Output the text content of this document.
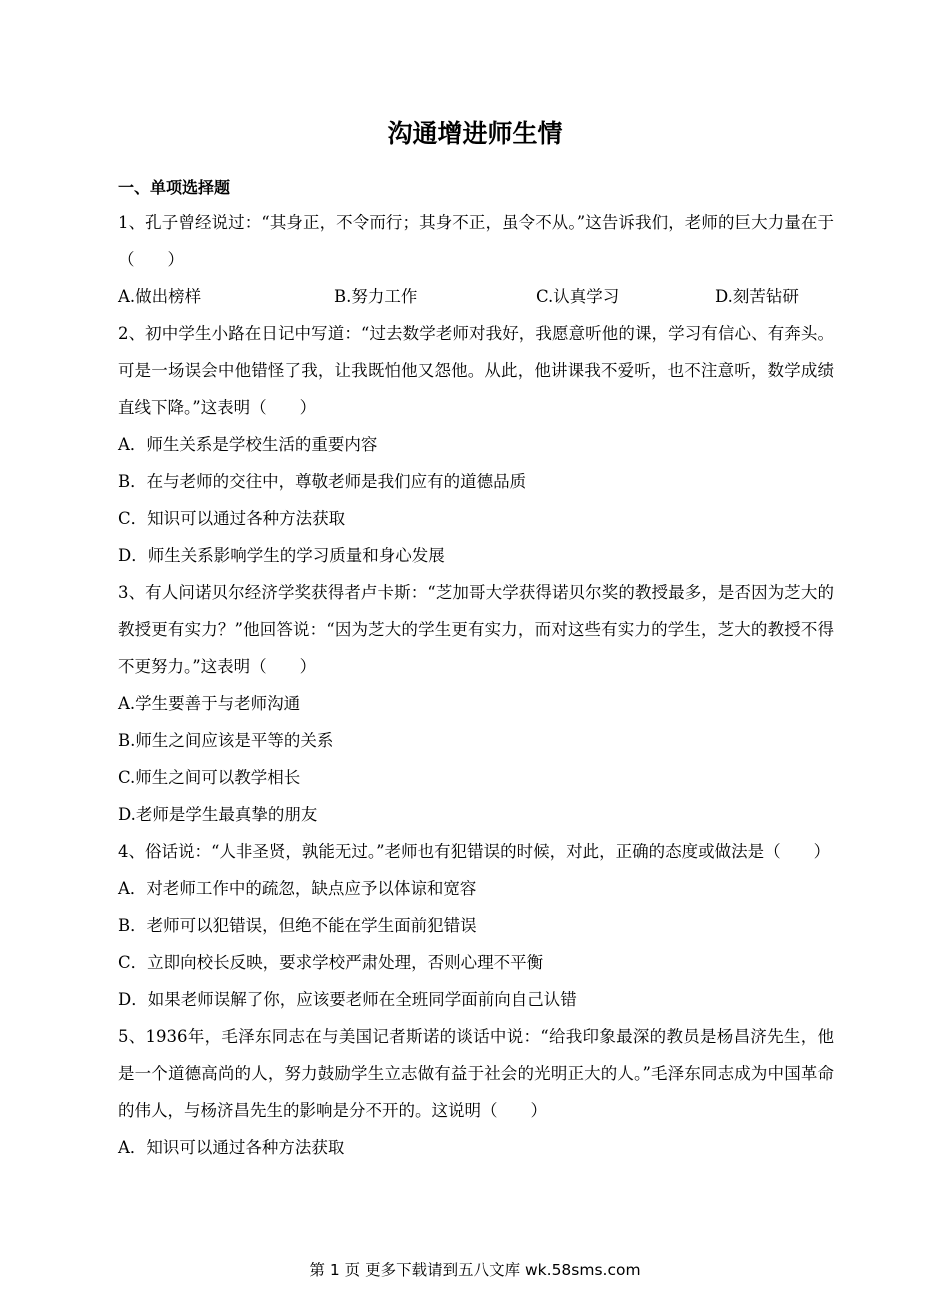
沟通增进师生情
一、单项选择题

1、孔子曾经说过：“其身正，不令而行；其身不正，虽令不从。”这告诉我们，老师的巨大力量在于（　　）

A.做出榜样	B.努力工作	C.认真学习	D.刻苦钻研

2、初中学生小路在日记中写道：“过去数学老师对我好，我愿意听他的课，学习有信心、有奔头。可是一场误会中他错怪了我，让我既怕他又怨他。从此，他讲课我不爱听，也不注意听，数学成绩直线下降。”这表明（　　）

A．师生关系是学校生活的重要内容

B．在与老师的交往中，尊敬老师是我们应有的道德品质

C．知识可以通过各种方法获取

D．师生关系影响学生的学习质量和身心发展

3、有人问诺贝尔经济学奖获得者卢卡斯：“芝加哥大学获得诺贝尔奖的教授最多，是否因为芝大的教授更有实力？”他回答说：“因为芝大的学生更有实力，而对这些有实力的学生，芝大的教授不得不更努力。”这表明（　　）

A.学生要善于与老师沟通

B.师生之间应该是平等的关系

C.师生之间可以教学相长

D.老师是学生最真挚的朋友

4、俗话说：“人非圣贤，孰能无过。”老师也有犯错误的时候，对此，正确的态度或做法是（　　）

A．对老师工作中的疏忽，缺点应予以体谅和宽容

B．老师可以犯错误，但绝不能在学生面前犯错误

C．立即向校长反映，要求学校严肃处理，否则心理不平衡

D．如果老师误解了你，应该要老师在全班同学面前向自己认错

5、1936年，毛泽东同志在与美国记者斯诺的谈话中说：“给我印象最深的教员是杨昌济先生，他是一个道德高尚的人，努力鼓励学生立志做有益于社会的光明正大的人。”毛泽东同志成为中国革命的伟人，与杨济昌先生的影响是分不开的。这说明（　　）

A．知识可以通过各种方法获取

第 1 页 更多下载请到五八文库 wk.58sms.com
